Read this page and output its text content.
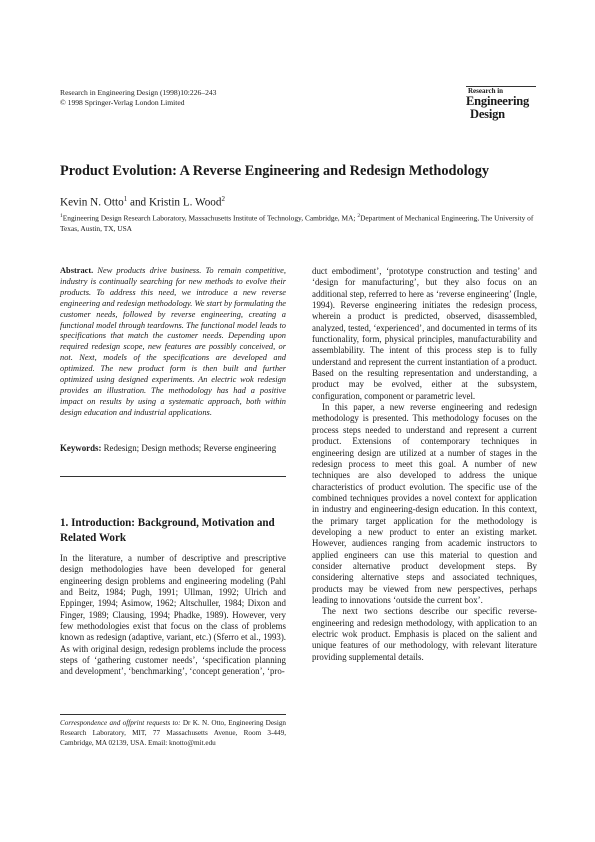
Research in Engineering Design (1998)10:226–243
© 1998 Springer-Verlag London Limited
Research in
Engineering
Design
Product Evolution: A Reverse Engineering and Redesign Methodology
Kevin N. Otto$^1$ and Kristin L. Wood$^2$
$^1$Engineering Design Research Laboratory, Massachusetts Institute of Technology, Cambridge, MA; $^2$Department of Mechanical Engineering, The University of Texas, Austin, TX, USA
Abstract. New products drive business. To remain competitive, industry is continually searching for new methods to evolve their products. To address this need, we introduce a new reverse engineering and redesign methodology. We start by formulating the customer needs, followed by reverse engineering, creating a functional model through teardowns. The functional model leads to specifications that match the customer needs. Depending upon required redesign scope, new features are possibly conceived, or not. Next, models of the specifications are developed and optimized. The new product form is then built and further optimized using designed experiments. An electric wok redesign provides an illustration. The methodology has had a positive impact on results by using a systematic approach, both within design education and industrial applications.
Keywords: Redesign; Design methods; Reverse engineering
1. Introduction: Background, Motivation and Related Work

In the literature, a number of descriptive and prescriptive design methodologies have been developed for general engineering design problems and engineering modeling (Pahl and Beitz, 1984; Pugh, 1991; Ullman, 1992; Ulrich and Eppinger, 1994; Asimow, 1962; Altschuller, 1984; Dixon and Finger, 1989; Clausing, 1994; Phadke, 1989). However, very few methodologies exist that focus on the class of problems known as redesign (adaptive, variant, etc.) (Sferro et al., 1993). As with original design, redesign problems include the process steps of ‘gathering customer needs’, ‘specification planning and development’, ‘benchmarking’, ‘concept generation’, ‘pro-

Correspondence and offprint requests to: Dr K. N. Otto, Engineering Design Research Laboratory, MIT, 77 Massachusetts Avenue, Room 3-449, Cambridge, MA 02139, USA. Email: knotto@mit.edu

duct embodiment’, ‘prototype construction and testing’ and ‘design for manufacturing’, but they also focus on an additional step, referred to here as ‘reverse engineering’ (Ingle, 1994). Reverse engineering initiates the redesign process, wherein a product is predicted, observed, disassembled, analyzed, tested, ‘experienced’, and documented in terms of its functionality, form, physical principles, manufacturability and assemblability. The intent of this process step is to fully understand and represent the current instantiation of a product. Based on the resulting representation and understanding, a product may be evolved, either at the subsystem, configuration, component or parametric level.

In this paper, a new reverse engineering and redesign methodology is presented. This methodology focuses on the process steps needed to understand and represent a current product. Extensions of contemporary techniques in engineering design are utilized at a number of stages in the redesign process to meet this goal. A number of new techniques are also developed to address the unique characteristics of product evolution. The specific use of the combined techniques provides a novel context for application in industry and engineering-design education. In this context, the primary target application for the methodology is developing a new product to enter an existing market. However, audiences ranging from academic instructors to applied engineers can use this material to question and consider alternative product development steps. By considering alternative steps and associated techniques, products may be viewed from new perspectives, perhaps leading to innovations ‘outside the current box’.

The next two sections describe our specific reverse-engineering and redesign methodology, with application to an electric wok product. Emphasis is placed on the salient and unique features of our methodology, with relevant literature providing supplemental details.
